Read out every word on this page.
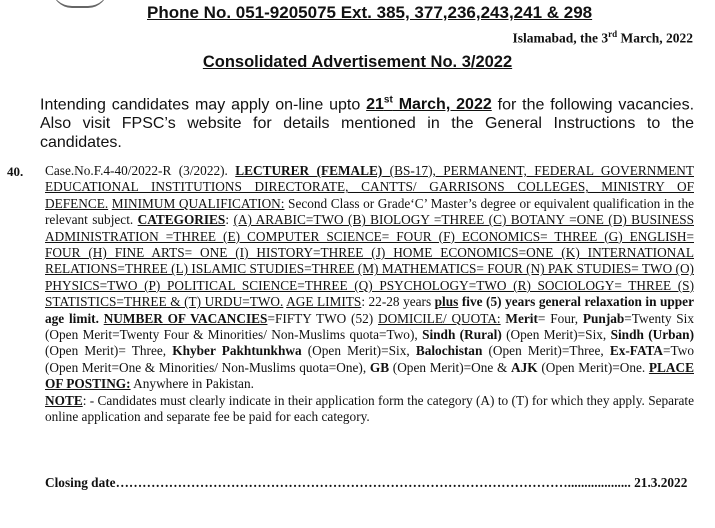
Phone No. 051-9205075 Ext. 385, 377,236,243,241 & 298
Islamabad, the 3rd March, 2022
Consolidated Advertisement No. 3/2022
Intending candidates may apply on-line upto 21st March, 2022 for the following vacancies. Also visit FPSC’s website for details mentioned in the General Instructions to the candidates.
40. Case.No.F.4-40/2022-R (3/2022). LECTURER (FEMALE) (BS-17), PERMANENT, FEDERAL GOVERNMENT EDUCATIONAL INSTITUTIONS DIRECTORATE, CANTTS/ GARRISONS COLLEGES, MINISTRY OF DEFENCE. MINIMUM QUALIFICATION: Second Class or Grade‘C’ Master’s degree or equivalent qualification in the relevant subject. CATEGORIES: (A) ARABIC=TWO (B) BIOLOGY =THREE (C) BOTANY =ONE (D) BUSINESS ADMINISTRATION =THREE (E) COMPUTER SCIENCE= FOUR (F) ECONOMICS= THREE (G) ENGLISH= FOUR (H) FINE ARTS= ONE (I) HISTORY=THREE (J) HOME ECONOMICS=ONE (K) INTERNATIONAL RELATIONS=THREE (L) ISLAMIC STUDIES=THREE (M) MATHEMATICS= FOUR (N) PAK STUDIES= TWO (O) PHYSICS=TWO (P) POLITICAL SCIENCE=THREE (Q) PSYCHOLOGY=TWO (R) SOCIOLOGY= THREE (S) STATISTICS=THREE & (T) URDU=TWO. AGE LIMITS: 22-28 years plus five (5) years general relaxation in upper age limit. NUMBER OF VACANCIES=FIFTY TWO (52) DOMICILE/ QUOTA: Merit= Four, Punjab=Twenty Six (Open Merit=Twenty Four & Minorities/ Non-Muslims quota=Two), Sindh (Rural) (Open Merit)=Six, Sindh (Urban) (Open Merit)= Three, Khyber Pakhtunkhwa (Open Merit)=Six, Balochistan (Open Merit)=Three, Ex-FATA=Two (Open Merit=One & Minorities/ Non-Muslims quota=One), GB (Open Merit)=One & AJK (Open Merit)=One. PLACE OF POSTING: Anywhere in Pakistan.
NOTE: - Candidates must clearly indicate in their application form the category (A) to (T) for which they apply. Separate online application and separate fee be paid for each category.
Closing date…………………………………………………………………………………………................... 21.3.2022
